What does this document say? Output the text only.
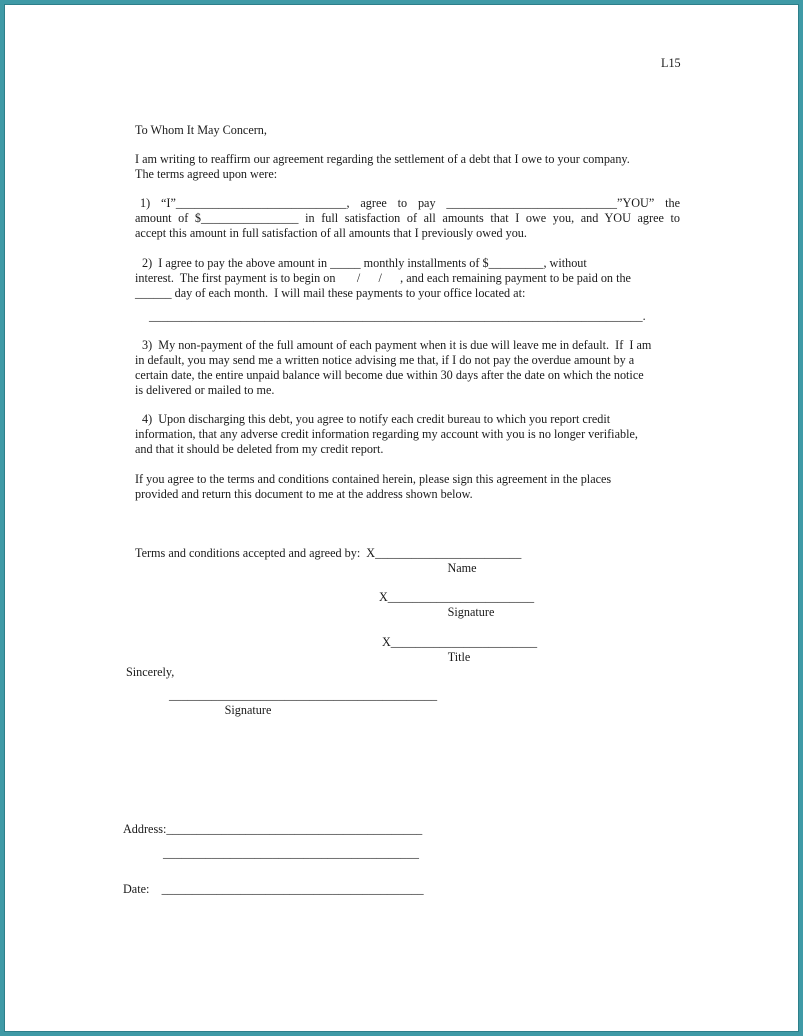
L15

To Whom It May Concern,

I am writing to reaffirm our agreement regarding the settlement of a debt that I owe to your company.

The terms agreed upon were:

1) “I”____________________________, agree to pay ____________________________”YOU” the

amount of $________________ in full satisfaction of all amounts that I owe you, and YOU agree to

accept this amount in full satisfaction of all amounts that I previously owed you.

2)  I agree to pay the above amount in _____ monthly installments of $_________, without

interest.  The first payment is to begin on       /      /      , and each remaining payment to be paid on the

______ day of each month.  I will mail these payments to your office located at:

_________________________________________________________________________________.

3)  My non-payment of the full amount of each payment when it is due will leave me in default.  If  I am

in default, you may send me a written notice advising me that, if I do not pay the overdue amount by a

certain date, the entire unpaid balance will become due within 30 days after the date on which the notice

is delivered or mailed to me.

4)  Upon discharging this debt, you agree to notify each credit bureau to which you report credit

information, that any adverse credit information regarding my account with you is no longer verifiable,

and that it should be deleted from my credit report.

If you agree to the terms and conditions contained herein, please sign this agreement in the places

provided and return this document to me at the address shown below.

Terms and conditions accepted and agreed by:  X________________________

Name

X________________________

Signature

X________________________

Title

Sincerely,

____________________________________________

Signature

Address:__________________________________________

__________________________________________

Date:    ___________________________________________
